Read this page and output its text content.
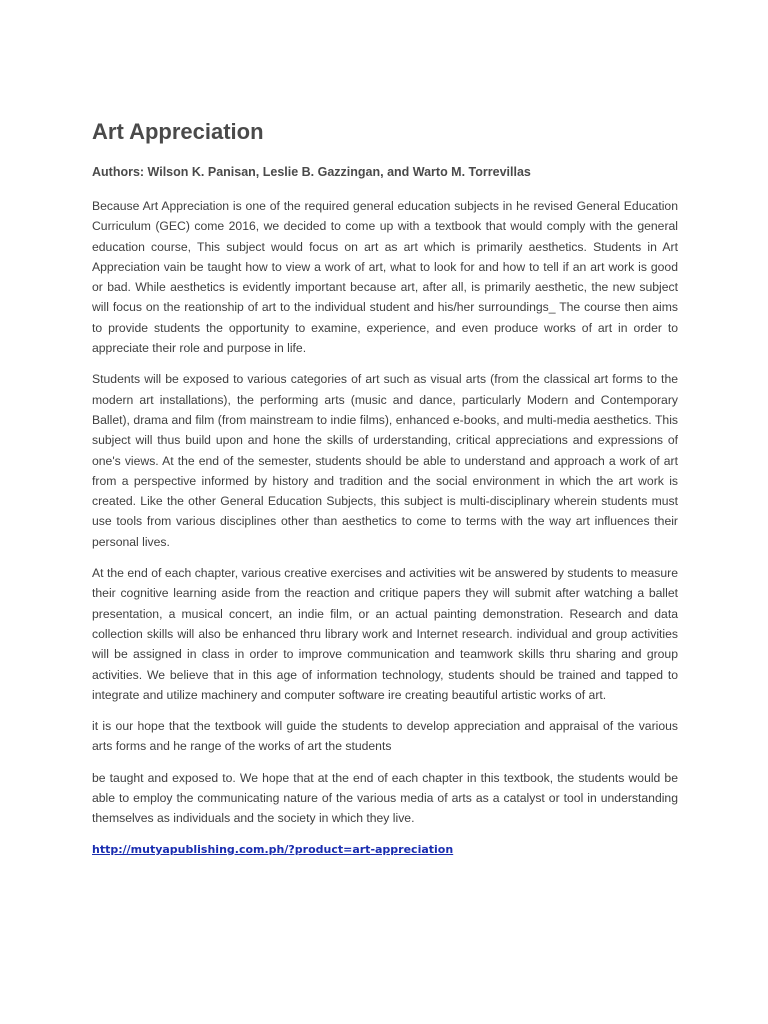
Art Appreciation

Authors: Wilson K. Panisan, Leslie B. Gazzingan, and Warto M. Torrevillas

Because Art Appreciation is one of the required general education subjects in he revised General Education Curriculum (GEC) come 2016, we decided to come up with a textbook that would comply with the general education course, This subject would focus on art as art which is primarily aesthetics. Students in Art Appreciation vain be taught how to view a work of art, what to look for and how to tell if an art work is good or bad. While aesthetics is evidently important because art, after all, is primarily aesthetic, the new subject will focus on the reationship of art to the individual student and his/her surroundings_ The course then aims to provide students the opportunity to examine, experience, and even produce works of art in order to appreciate their role and purpose in life.

Students will be exposed to various categories of art such as visual arts (from the classical art forms to the modern art installations), the performing arts (music and dance, particularly Modern and Contemporary Ballet), drama and film (from mainstream to indie films), enhanced e-books, and multi-media aesthetics. This subject will thus build upon and hone the skills of urderstanding, critical appreciations and expressions of one's views. At the end of the semester, students should be able to understand and approach a work of art from a perspective informed by history and tradition and the social environment in which the art work is created. Like the other General Education Subjects, this subject is multi-disciplinary wherein students must use tools from various disciplines other than aesthetics to come to terms with the way art influences their personal lives.

At the end of each chapter, various creative exercises and activities wit be answered by students to measure their cognitive learning aside from the reaction and critique papers they will submit after watching a ballet presentation, a musical concert, an indie film, or an actual painting demonstration. Research and data collection skills will also be enhanced thru library work and Internet research. individual and group activities will be assigned in class in order to improve communication and teamwork skills thru sharing and group activities. We believe that in this age of information technology, students should be trained and tapped to integrate and utilize machinery and computer software ire creating beautiful artistic works of art.

it is our hope that the textbook will guide the students to develop appreciation and appraisal of the various arts forms and he range of the works of art the students

be taught and exposed to. We hope that at the end of each chapter in this textbook, the students would be able to employ the communicating nature of the various media of arts as a catalyst or tool in understanding themselves as individuals and the society in which they live.

http://mutyapublishing.com.ph/?product=art-appreciation
